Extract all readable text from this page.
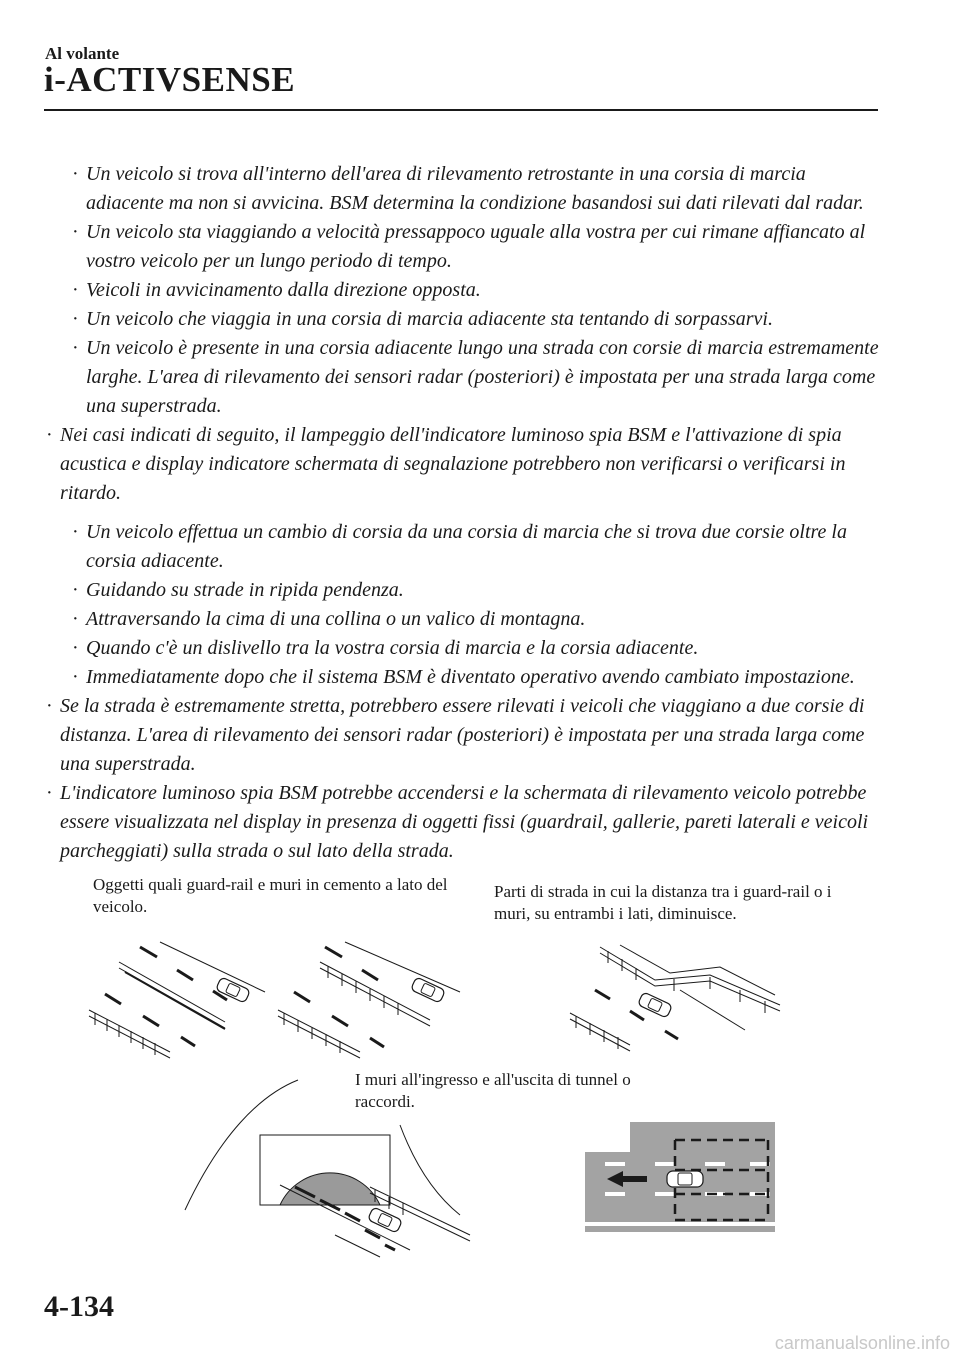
Al volante
i-ACTIVSENSE
· Un veicolo si trova all'interno dell'area di rilevamento retrostante in una corsia di marcia adiacente ma non si avvicina. BSM determina la condizione basandosi sui dati rilevati dal radar.
· Un veicolo sta viaggiando a velocità pressappoco uguale alla vostra per cui rimane affiancato al vostro veicolo per un lungo periodo di tempo.
· Veicoli in avvicinamento dalla direzione opposta.
· Un veicolo che viaggia in una corsia di marcia adiacente sta tentando di sorpassarvi.
· Un veicolo è presente in una corsia adiacente lungo una strada con corsie di marcia estremamente larghe. L'area di rilevamento dei sensori radar (posteriori) è impostata per una strada larga come una superstrada.
· Nei casi indicati di seguito, il lampeggio dell'indicatore luminoso spia BSM e l'attivazione di spia acustica e display indicatore schermata di segnalazione potrebbero non verificarsi o verificarsi in ritardo.
· Un veicolo effettua un cambio di corsia da una corsia di marcia che si trova due corsie oltre la corsia adiacente.
· Guidando su strade in ripida pendenza.
· Attraversando la cima di una collina o un valico di montagna.
· Quando c'è un dislivello tra la vostra corsia di marcia e la corsia adiacente.
· Immediatamente dopo che il sistema BSM è diventato operativo avendo cambiato impostazione.
· Se la strada è estremamente stretta, potrebbero essere rilevati i veicoli che viaggiano a due corsie di distanza. L'area di rilevamento dei sensori radar (posteriori) è impostata per una strada larga come una superstrada.
· L'indicatore luminoso spia BSM potrebbe accendersi e la schermata di rilevamento veicolo potrebbe essere visualizzata nel display in presenza di oggetti fissi (guardrail, gallerie, pareti laterali e veicoli parcheggiati) sulla strada o sul lato della strada.
Oggetti quali guard-rail e muri in cemento a lato del veicolo.
Parti di strada in cui la distanza tra i guard-rail o i muri, su entrambi i lati, diminuisce.
I muri all'ingresso e all'uscita di tunnel o raccordi.
4-134
carmanualsonline.info
